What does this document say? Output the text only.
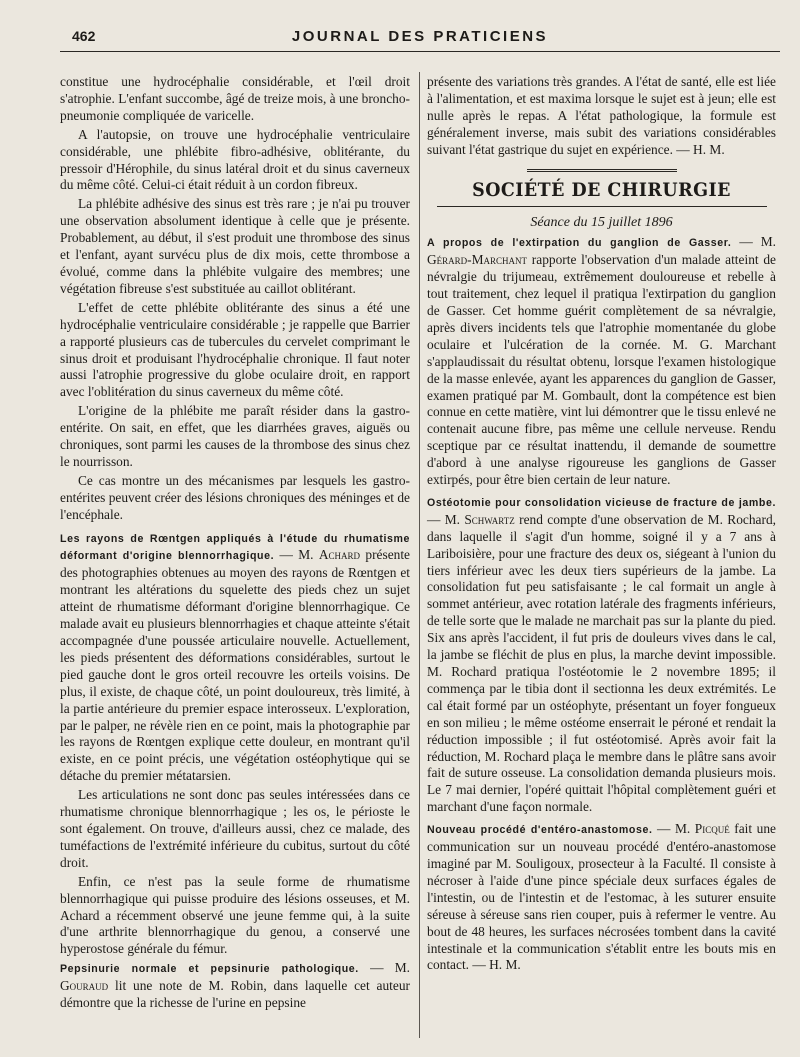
462	JOURNAL DES PRATICIENS

constitue une hydrocéphalie considérable, et l'œil droit s'atrophie. L'enfant succombe, âgé de treize mois, à une broncho-pneumonie compliquée de varicelle.

A l'autopsie, on trouve une hydrocéphalie ventriculaire considérable, une phlébite fibro-adhésive, oblitérante, du pressoir d'Hérophile, du sinus latéral droit et du sinus caverneux du même côté. Celui-ci était réduit à un cordon fibreux.

La phlébite adhésive des sinus est très rare ; je n'ai pu trouver une observation absolument identique à celle que je présente. Probablement, au début, il s'est produit une thrombose des sinus et l'enfant, ayant survécu plus de dix mois, cette thrombose a évolué, comme dans la phlébite vulgaire des membres; une végétation fibreuse s'est substituée au caillot oblitérant.

L'effet de cette phlébite oblitérante des sinus a été une hydrocéphalie ventriculaire considérable ; je rappelle que Barrier a rapporté plusieurs cas de tubercules du cervelet comprimant le sinus droit et produisant l'hydrocéphalie chronique. Il faut noter aussi l'atrophie progressive du globe oculaire droit, en rapport avec l'oblitération du sinus caverneux du même côté.

L'origine de la phlébite me paraît résider dans la gastro-entérite. On sait, en effet, que les diarrhées graves, aiguës ou chroniques, sont parmi les causes de la thrombose des sinus chez le nourrisson.

Ce cas montre un des mécanismes par lesquels les gastro-entérites peuvent créer des lésions chroniques des méninges et de l'encéphale.

Les rayons de Rœntgen appliqués à l'étude du rhumatisme déformant d'origine blennorrhagique. — M. Achard présente des photographies obtenues au moyen des rayons de Rœntgen et montrant les altérations du squelette des pieds chez un sujet atteint de rhumatisme déformant d'origine blennorrhagique. Ce malade avait eu plusieurs blennorrhagies et chaque atteinte s'était accompagnée d'une poussée articulaire nouvelle. Actuellement, les pieds présentent des déformations considérables, surtout le pied gauche dont le gros orteil recouvre les orteils voisins. De plus, il existe, de chaque côté, un point douloureux, très limité, à la partie antérieure du premier espace interosseux. L'exploration, par le palper, ne révèle rien en ce point, mais la photographie par les rayons de Rœntgen explique cette douleur, en montrant qu'il existe, en ce point précis, une végétation ostéophytique qui se détache du premier métatarsien.

Les articulations ne sont donc pas seules intéressées dans ce rhumatisme chronique blennorrhagique ; les os, le périoste le sont également. On trouve, d'ailleurs aussi, chez ce malade, des tuméfactions de l'extrémité inférieure du cubitus, surtout du côté droit.

Enfin, ce n'est pas la seule forme de rhumatisme blennorrhagique qui puisse produire des lésions osseuses, et M. Achard a récemment observé une jeune femme qui, à la suite d'une arthrite blennorrhagique du genou, a conservé une hyperostose générale du fémur.

Pepsinurie normale et pepsinurie pathologique. — M. Gouraud lit une note de M. Robin, dans laquelle cet auteur démontre que la richesse de l'urine en pepsine

présente des variations très grandes. A l'état de santé, elle est liée à l'alimentation, et est maxima lorsque le sujet est à jeun; elle est nulle après le repas. A l'état pathologique, la formule est généralement inverse, mais subit des variations considérables suivant l'état gastrique du sujet en expérience. — H. M.

SOCIÉTÉ DE CHIRURGIE
Séance du 15 juillet 1896

A propos de l'extirpation du ganglion de Gasser. — M. Gérard-Marchant rapporte l'observation d'un malade atteint de névralgie du trijumeau, extrêmement douloureuse et rebelle à tout traitement, chez lequel il pratiqua l'extirpation du ganglion de Gasser. Cet homme guérit complètement de sa névralgie, après divers incidents tels que l'atrophie momentanée du globe oculaire et l'ulcération de la cornée. M. G. Marchant s'applaudissait du résultat obtenu, lorsque l'examen histologique de la masse enlevée, ayant les apparences du ganglion de Gasser, examen pratiqué par M. Gombault, dont la compétence est bien connue en cette matière, vint lui démontrer que le tissu enlevé ne contenait aucune fibre, pas même une cellule nerveuse. Rendu sceptique par ce résultat inattendu, il demande de soumettre d'abord à une analyse rigoureuse les ganglions de Gasser extirpés, pour être bien certain de leur nature.

Ostéotomie pour consolidation vicieuse de fracture de jambe. — M. Schwartz rend compte d'une observation de M. Rochard, dans laquelle il s'agit d'un homme, soigné il y a 7 ans à Lariboisière, pour une fracture des deux os, siégeant à l'union du tiers inférieur avec les deux tiers supérieurs de la jambe. La consolidation fut peu satisfaisante ; le cal formait un angle à sommet antérieur, avec rotation latérale des fragments inférieurs, de telle sorte que le malade ne marchait pas sur la plante du pied. Six ans après l'accident, il fut pris de douleurs vives dans le cal, la jambe se fléchit de plus en plus, la marche devint impossible. M. Rochard pratiqua l'ostéotomie le 2 novembre 1895; il commença par le tibia dont il sectionna les deux extrémités. Le cal était formé par un ostéophyte, présentant un foyer fongueux en son milieu ; le même ostéome enserrait le péroné et rendait la réduction impossible ; il fut ostéotomisé. Après avoir fait la réduction, M. Rochard plaça le membre dans le plâtre sans avoir fait de suture osseuse. La consolidation demanda plusieurs mois. Le 7 mai dernier, l'opéré quittait l'hôpital complètement guéri et marchant d'une façon normale.

Nouveau procédé d'entéro-anastomose. — M. Picqué fait une communication sur un nouveau procédé d'entéro-anastomose imaginé par M. Souligoux, prosecteur à la Faculté. Il consiste à nécroser à l'aide d'une pince spéciale deux surfaces égales de l'intestin, ou de l'intestin et de l'estomac, à les suturer ensuite séreuse à séreuse sans rien couper, puis à refermer le ventre. Au bout de 48 heures, les surfaces nécrosées tombent dans la cavité intestinale et la communication s'établit entre les bouts mis en contact. — H. M.
